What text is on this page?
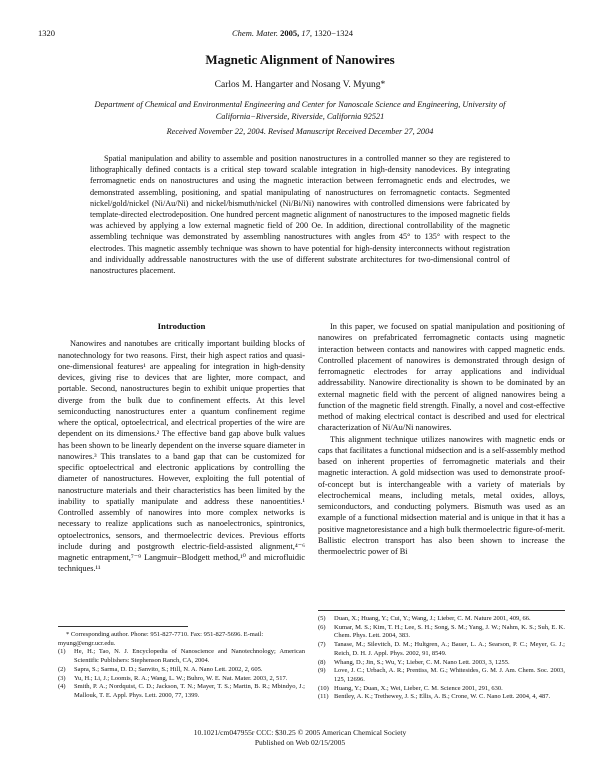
1320	Chem. Mater. 2005, 17, 1320−1324
Magnetic Alignment of Nanowires
Carlos M. Hangarter and Nosang V. Myung*
Department of Chemical and Environmental Engineering and Center for Nanoscale Science and Engineering, University of California−Riverside, Riverside, California 92521
Received November 22, 2004. Revised Manuscript Received December 27, 2004

Spatial manipulation and ability to assemble and position nanostructures in a controlled manner so they are registered to lithographically defined contacts is a critical step toward scalable integration in high-density nanodevices. By integrating ferromagnetic ends on nanostructures and using the magnetic interaction between ferromagnetic ends and electrodes, we demonstrated assembling, positioning, and spatial manipulating of nanostructures on ferromagnetic contacts. Segmented nickel/gold/nickel (Ni/Au/Ni) and nickel/bismuth/nickel (Ni/Bi/Ni) nanowires with controlled dimensions were fabricated by template-directed electrodeposition. One hundred percent magnetic alignment of nanostructures to the imposed magnetic fields was achieved by applying a low external magnetic field of 200 Oe. In addition, directional controllability of the magnetic assembling technique was demonstrated by assembling nanostructures with angles from 45° to 135° with respect to the electrodes. This magnetic assembly technique was shown to have potential for high-density interconnects without registration and individually addressable nanostructures with the use of different substrate architectures for two-dimensional control of nanostructures placement.

Introduction

Nanowires and nanotubes are critically important building blocks of nanotechnology for two reasons. First, their high aspect ratios and quasi-one-dimensional features¹ are appealing for integration in high-density devices, giving rise to devices that are lighter, more compact, and portable. Second, nanostructures begin to exhibit unique properties that diverge from the bulk due to confinement effects. At this level semiconducting nanostructures enter a quantum confinement regime where the optical, optoelectrical, and electrical properties of the wire are dependent on its dimensions.² The effective band gap above bulk values has been shown to be linearly dependent on the inverse square diameter in nanowires.³ This translates to a band gap that can be customized for specific optoelectrical and electronic applications by controlling the diameter of nanostructures. However, exploiting the full potential of nanostructure materials and their characteristics has been limited by the inability to spatially manipulate and address these nanoentities.¹ Controlled assembly of nanowires into more complex networks is necessary to realize applications such as nanoelectronics, spintronics, optoelectronics, sensors, and thermoelectric devices. Previous efforts include during and postgrowth electric-field-assisted alignment,⁴⁻⁶ magnetic entrapment,⁷⁻⁹ Langmuir−Blodgett method,¹⁰ and microfluidic techniques.¹¹

In this paper, we focused on spatial manipulation and positioning of nanowires on prefabricated ferromagnetic contacts using magnetic interaction between contacts and nanowires with capped magnetic ends. Controlled placement of nanowires is demonstrated through design of ferromagnetic electrodes for array applications and individual addressability. Nanowire directionality is shown to be dominated by an external magnetic field with the percent of aligned nanowires being a function of the magnetic field strength. Finally, a novel and cost-effective method of making electrical contact is described and used for electrical characterization of Ni/Au/Ni nanowires.

This alignment technique utilizes nanowires with magnetic ends or caps that facilitates a functional midsection and is a self-assembly method based on inherent properties of ferromagnetic materials and their magnetic interaction. A gold midsection was used to demonstrate proof-of-concept but is interchangeable with a variety of materials by electrochemical means, including metals, metal oxides, alloys, semiconductors, and conducting polymers. Bismuth was used as an example of a functional midsection material and is unique in that it has a positive magnetoresistance and a high bulk thermoelectric figure-of-merit. Ballistic electron transport has also been shown to increase the thermoelectric power of Bi

* Corresponding author. Phone: 951-827-7710. Fax: 951-827-5696. E-mail: myung@engr.ucr.edu.
(1)	He, H.; Tao, N. J. Encyclopedia of Nanoscience and Nanotechnology; American Scientific Publishers: Stephenson Ranch, CA, 2004.
(2)	Sapra, S.; Sarma, D. D.; Sanvito, S.; Hill, N. A. Nano Lett. 2002, 2, 605.
(3)	Yu, H.; Li, J.; Loomis, R. A.; Wang, L. W.; Buhro, W. E. Nat. Mater. 2003, 2, 517.
(4)	Smith, P. A.; Nordquist, C. D.; Jackson, T. N.; Mayer, T. S.; Martin, B. R.; Mbindyo, J.; Mallouk, T. E. Appl. Phys. Lett. 2000, 77, 1399.
(5)	Duan, X.; Huang, Y.; Cui, Y.; Wang, J.; Lieber, C. M. Nature 2001, 409, 66.
(6)	Kumar, M. S.; Kim, T. H.; Lee, S. H.; Song, S. M.; Yang, J. W.; Nahm, K. S.; Suh, E. K. Chem. Phys. Lett. 2004, 383.
(7)	Tanase, M.; Silevitch, D. M.; Hultgren, A.; Bauer, L. A.; Searson, P. C.; Meyer, G. J.; Reich, D. H. J. Appl. Phys. 2002, 91, 8549.
(8)	Whang, D.; Jin, S.; Wu, Y.; Lieber, C. M. Nano Lett. 2003, 3, 1255.
(9)	Love, J. C.; Urbach, A. R.; Prentiss, M. G.; Whitesides, G. M. J. Am. Chem. Soc. 2003, 125, 12696.
(10) Huang, Y.; Duan, X.; Wei, Lieber, C. M. Science 2001, 291, 630.
(11) Bentley, A. K.; Trethewey, J. S.; Ellis, A. B.; Crone, W. C. Nano Lett. 2004, 4, 487.
10.1021/cm047955r CCC: $30.25 © 2005 American Chemical Society
Published on Web 02/15/2005
